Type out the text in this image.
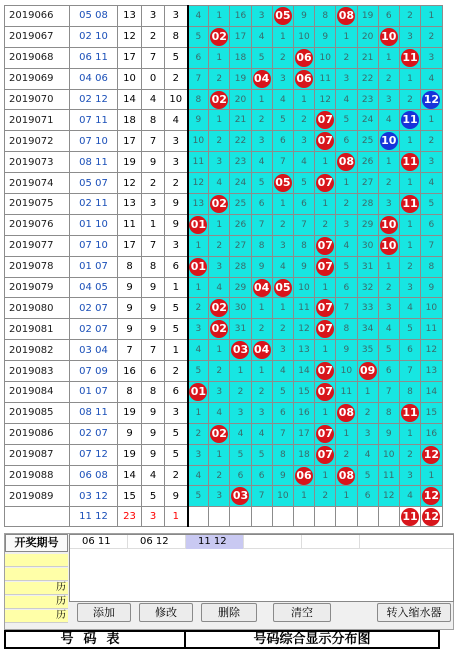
2019066	05 08	13	3	3	4	1	16	3	05	9	8	08	19	6	2	1
2019067	02 10	12	2	8	5	02	17	4	1	10	9	1	20	10	3	2
2019068	06 11	17	7	5	6	1	18	5	2	06	10	2	21	1	11	3
2019069	04 06	10	0	2	7	2	19	04	3	06	11	3	22	2	1	4
2019070	02 12	14	4	10	8	02	20	1	4	1	12	4	23	3	2	12
2019071	07 11	18	8	4	9	1	21	2	5	2	07	5	24	4	11	1
2019072	07 10	17	7	3	10	2	22	3	6	3	07	6	25	10	1	2
2019073	08 11	19	9	3	11	3	23	4	7	4	1	08	26	1	11	3
2019074	05 07	12	2	2	12	4	24	5	05	5	07	1	27	2	1	4
2019075	02 11	13	3	9	13	02	25	6	1	6	1	2	28	3	11	5
2019076	01 10	11	1	9	01	1	26	7	2	7	2	3	29	10	1	6
2019077	07 10	17	7	3	1	2	27	8	3	8	07	4	30	10	1	7
2019078	01 07	8	8	6	01	3	28	9	4	9	07	5	31	1	2	8
2019079	04 05	9	9	1	1	4	29	04	05	10	1	6	32	2	3	9
2019080	02 07	9	9	5	2	02	30	1	1	11	07	7	33	3	4	10
2019081	02 07	9	9	5	3	02	31	2	2	12	07	8	34	4	5	11
2019082	03 04	7	7	1	4	1	03	04	3	13	1	9	35	5	6	12
2019083	07 09	16	6	2	5	2	1	1	4	14	07	10	09	6	7	13
2019084	01 07	8	8	6	01	3	2	2	5	15	07	11	1	7	8	14
2019085	08 11	19	9	3	1	4	3	3	6	16	1	08	2	8	11	15
2019086	02 07	9	9	5	2	02	4	4	7	17	07	1	3	9	1	16
2019087	07 12	19	9	5	3	1	5	5	8	18	07	2	4	10	2	12
2019088	06 08	14	4	2	4	2	6	6	9	06	1	08	5	11	3	1
2019089	03 12	15	5	9	5	3	03	7	10	1	2	1	6	12	4	12
	11 12	23	3	1											11	12
开奖期号	06 11	06 12	11 12
历
历
历	添加	修改	删除	清空	转入缩水器
号码表	号码综合显示分布图
